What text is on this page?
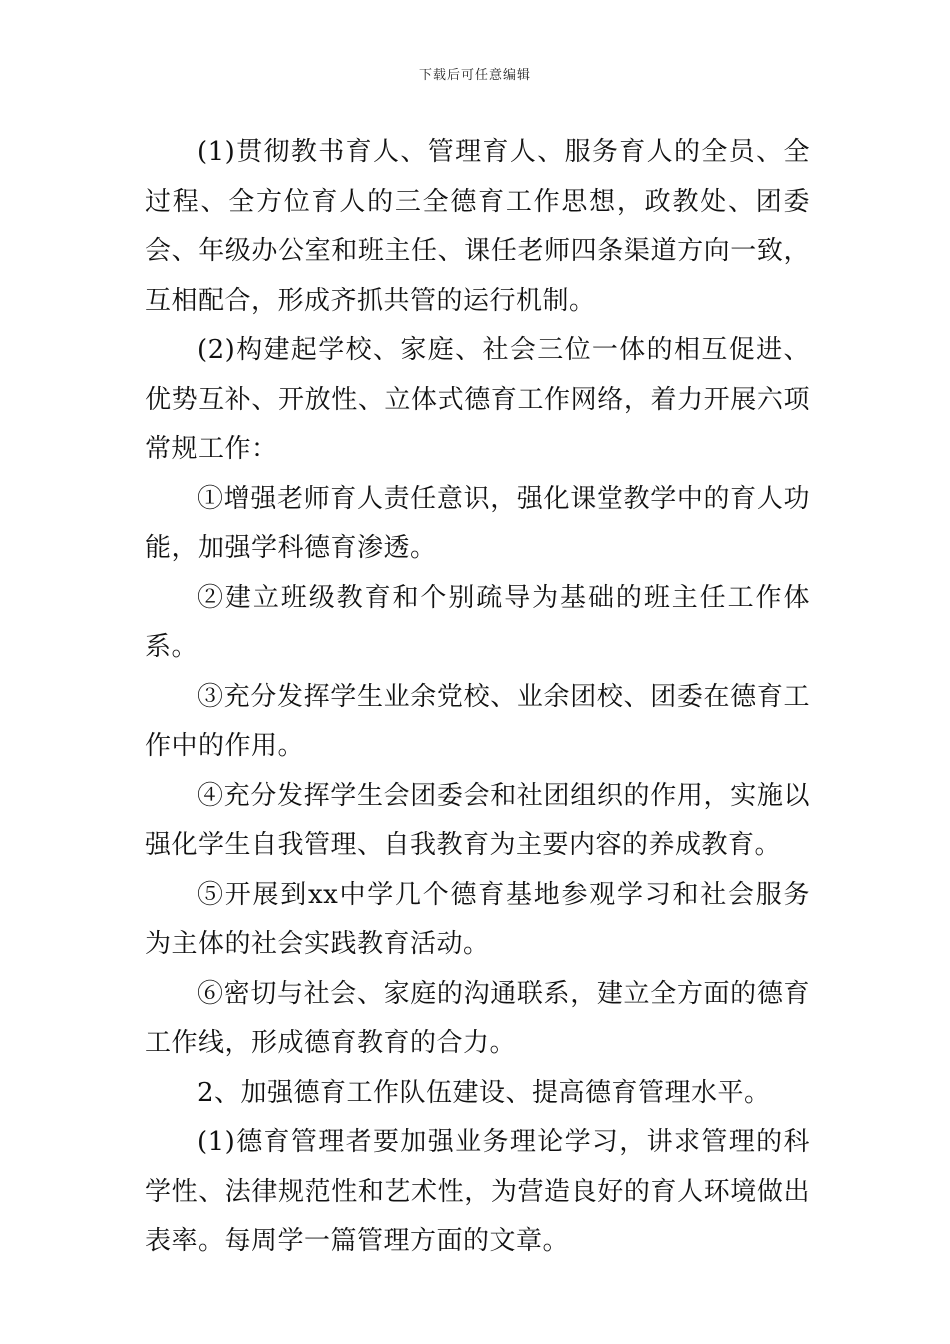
下载后可任意编辑

(1)贯彻教书育人、管理育人、服务育人的全员、全过程、全方位育人的三全德育工作思想，政教处、团委会、年级办公室和班主任、课任老师四条渠道方向一致，互相配合，形成齐抓共管的运行机制。

(2)构建起学校、家庭、社会三位一体的相互促进、优势互补、开放性、立体式德育工作网络，着力开展六项常规工作：

①增强老师育人责任意识，强化课堂教学中的育人功能，加强学科德育渗透。

②建立班级教育和个别疏导为基础的班主任工作体系。

③充分发挥学生业余党校、业余团校、团委在德育工作中的作用。

④充分发挥学生会团委会和社团组织的作用，实施以强化学生自我管理、自我教育为主要内容的养成教育。

⑤开展到xx中学几个德育基地参观学习和社会服务为主体的社会实践教育活动。

⑥密切与社会、家庭的沟通联系，建立全方面的德育工作线，形成德育教育的合力。

2、加强德育工作队伍建设、提高德育管理水平。

(1)德育管理者要加强业务理论学习，讲求管理的科学性、法律规范性和艺术性，为营造良好的育人环境做出表率。每周学一篇管理方面的文章。
